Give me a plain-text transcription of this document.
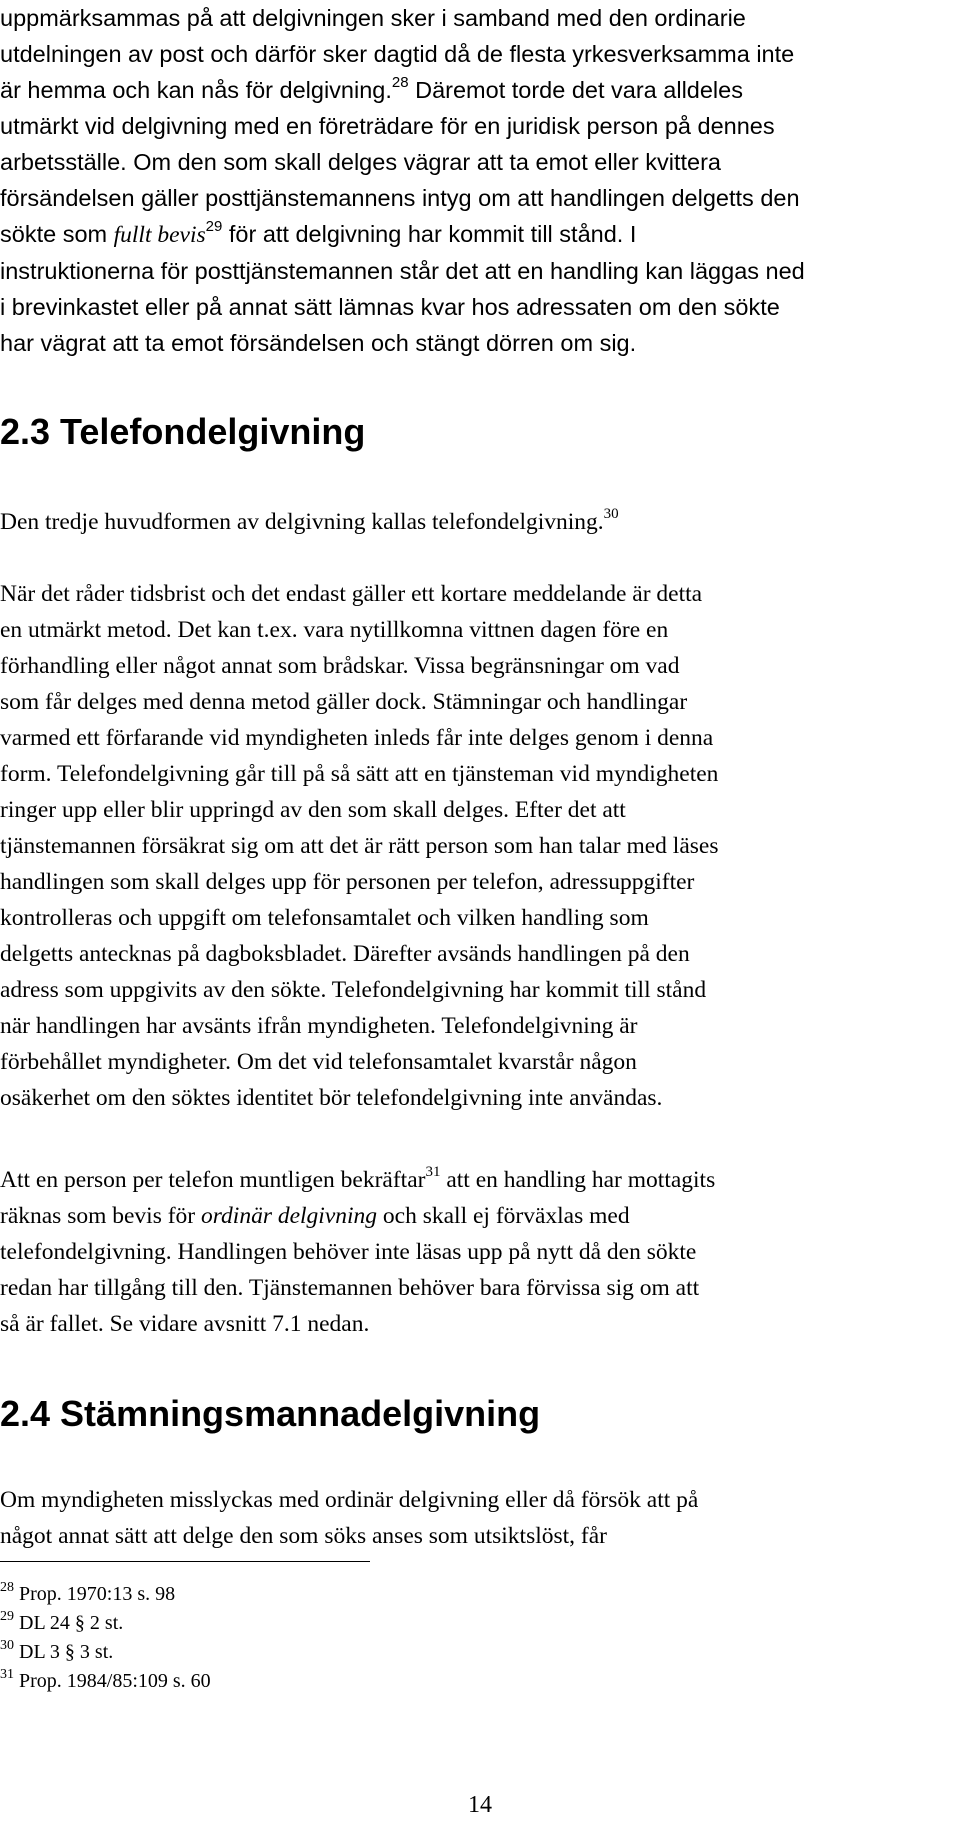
uppmärksammas på att delgivningen sker i samband med den ordinarie
utdelningen av post och därför sker dagtid då de flesta yrkesverksamma inte
är hemma och kan nås för delgivning.$^{28}$ Däremot torde det vara alldeles
utmärkt vid delgivning med en företrädare för en juridisk person på dennes
arbetsställe. Om den som skall delges vägrar att ta emot eller kvittera
försändelsen gäller posttjänstemannens intyg om att handlingen delgetts den
sökte som fullt bevis$^{29}$ för att delgivning har kommit till stånd. I
instruktionerna för posttjänstemannen står det att en handling kan läggas ned
i brevinkastet eller på annat sätt lämnas kvar hos adressaten om den sökte
har vägrat att ta emot försändelsen och stängt dörren om sig.
2.3 Telefondelgivning
Den tredje huvudformen av delgivning kallas telefondelgivning.$^{30}$
När det råder tidsbrist och det endast gäller ett kortare meddelande är detta
en utmärkt metod. Det kan t.ex. vara nytillkomna vittnen dagen före en
förhandling eller något annat som brådskar. Vissa begränsningar om vad
som får delges med denna metod gäller dock. Stämningar och handlingar
varmed ett förfarande vid myndigheten inleds får inte delges genom i denna
form. Telefondelgivning går till på så sätt att en tjänsteman vid myndigheten
ringer upp eller blir uppringd av den som skall delges. Efter det att
tjänstemannen försäkrat sig om att det är rätt person som han talar med läses
handlingen som skall delges upp för personen per telefon, adressuppgifter
kontrolleras och uppgift om telefonsamtalet och vilken handling som
delgetts antecknas på dagboksbladet. Därefter avsänds handlingen på den
adress som uppgivits av den sökte. Telefondelgivning har kommit till stånd
när handlingen har avsänts ifrån myndigheten. Telefondelgivning är
förbehållet myndigheter. Om det vid telefonsamtalet kvarstår någon
osäkerhet om den söktes identitet bör telefondelgivning inte användas.
Att en person per telefon muntligen bekräftar$^{31}$ att en handling har mottagits
räknas som bevis för ordinär delgivning och skall ej förväxlas med
telefondelgivning. Handlingen behöver inte läsas upp på nytt då den sökte
redan har tillgång till den. Tjänstemannen behöver bara förvissa sig om att
så är fallet. Se vidare avsnitt 7.1 nedan.
2.4 Stämningsmannadelgivning
Om myndigheten misslyckas med ordinär delgivning eller då försök att på
något annat sätt att delge den som söks anses som utsiktslöst, får
$^{28}$ Prop. 1970:13 s. 98
$^{29}$ DL 24 § 2 st.
$^{30}$ DL 3 § 3 st.
$^{31}$ Prop. 1984/85:109 s. 60
14
